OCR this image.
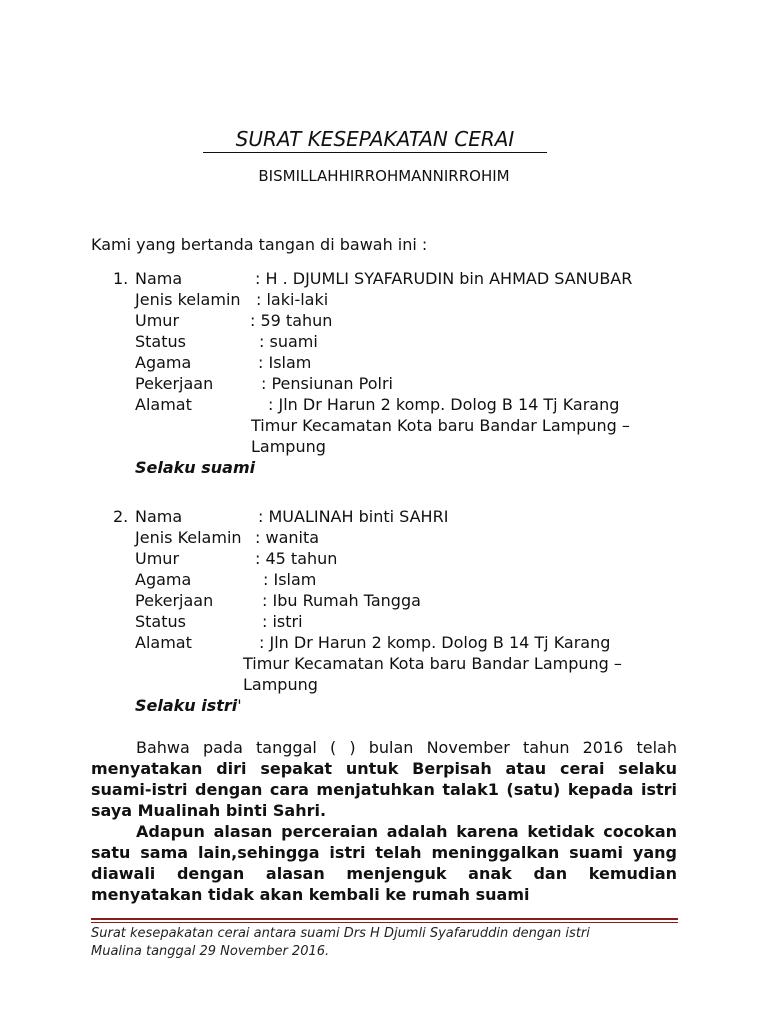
SURAT KESEPAKATAN CERAI
BISMILLAHHIRROHMANNIRROHIM
Kami yang bertanda tangan di bawah ini :
1. Nama	: H . DJUMLI SYAFARUDIN bin AHMAD SANUBAR
Jenis kelamin : laki-laki
Umur	: 59 tahun
Status	: suami
Agama	: Islam
Pekerjaan	: Pensiunan Polri
Alamat	: Jln Dr Harun 2 komp. Dolog B 14 Tj Karang
Timur Kecamatan Kota baru Bandar Lampung –
Lampung
Selaku suami
2. Nama	: MUALINAH binti SAHRI
Jenis Kelamin : wanita
Umur	: 45 tahun
Agama	: Islam
Pekerjaan	: Ibu Rumah Tangga
Status	: istri
Alamat	: Jln Dr Harun 2 komp. Dolog B 14 Tj Karang
Timur Kecamatan Kota baru Bandar Lampung –
Lampung
Selaku istri'
Bahwa pada tanggal ( ) bulan November tahun 2016 telah menyatakan diri sepakat untuk Berpisah atau cerai selaku suami-istri dengan cara menjatuhkan talak1 (satu) kepada istri saya Mualinah binti Sahri.
Adapun alasan perceraian adalah karena ketidak cocokan satu sama lain,sehingga istri telah meninggalkan suami yang diawali dengan alasan menjenguk anak dan kemudian menyatakan tidak akan kembali ke rumah suami
Surat kesepakatan cerai antara suami Drs H Djumli Syafaruddin dengan istri
Mualina tanggal 29 November 2016.
